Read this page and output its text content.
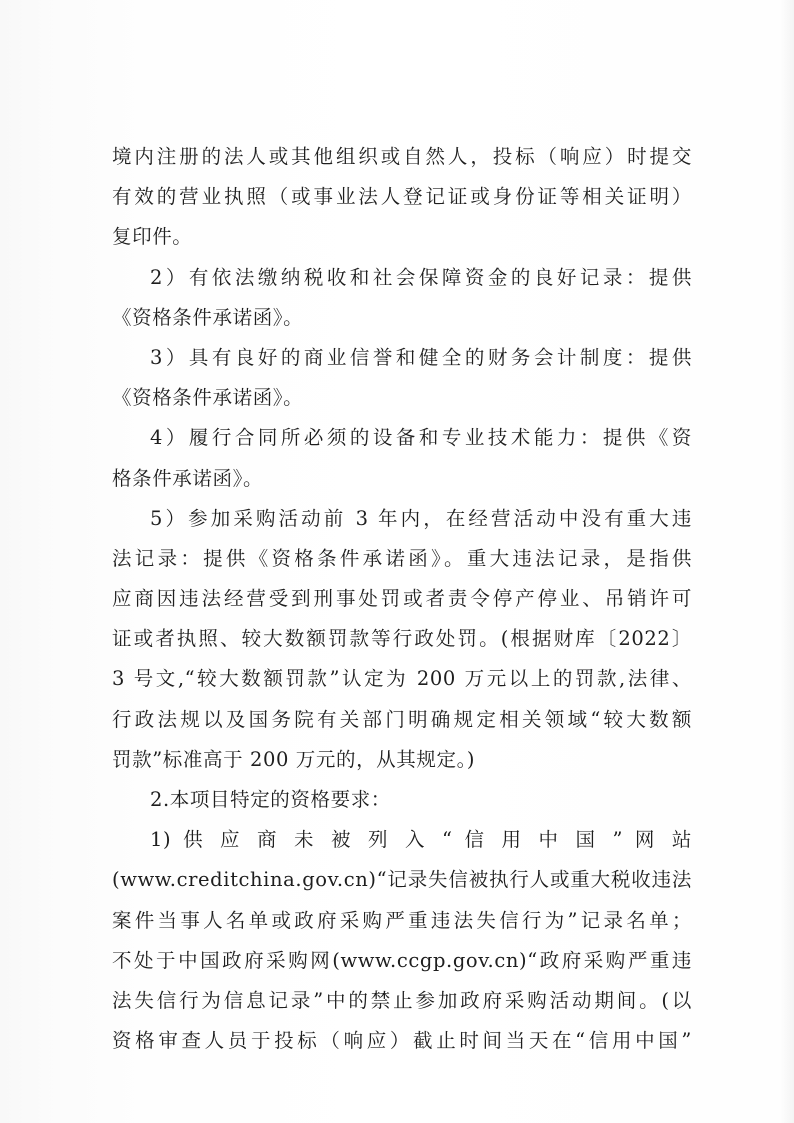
境内注册的法人或其他组织或自然人，投标（响应）时提交
有效的营业执照（或事业法人登记证或身份证等相关证明）
复印件。
2）有依法缴纳税收和社会保障资金的良好记录：提供
《资格条件承诺函》。
3）具有良好的商业信誉和健全的财务会计制度：提供
《资格条件承诺函》。
4）履行合同所必须的设备和专业技术能力：提供《资
格条件承诺函》。
5）参加采购活动前 3 年内，在经营活动中没有重大违
法记录：提供《资格条件承诺函》。重大违法记录，是指供
应商因违法经营受到刑事处罚或者责令停产停业、吊销许可
证或者执照、较大数额罚款等行政处罚。(根据财库〔2022〕
3 号文,“较大数额罚款”认定为 200 万元以上的罚款,法律、
行政法规以及国务院有关部门明确规定相关领域“较大数额
罚款”标准高于 200 万元的，从其规定。)
2.本项目特定的资格要求：
1) 供 应 商 未 被 列 入 “ 信 用 中 国 ” 网 站
(www.creditchina.gov.cn)“记录失信被执行人或重大税收违法
案件当事人名单或政府采购严重违法失信行为”记录名单；
不处于中国政府采购网(www.ccgp.gov.cn)“政府采购严重违
法失信行为信息记录”中的禁止参加政府采购活动期间。(以
资格审查人员于投标（响应）截止时间当天在“信用中国”
